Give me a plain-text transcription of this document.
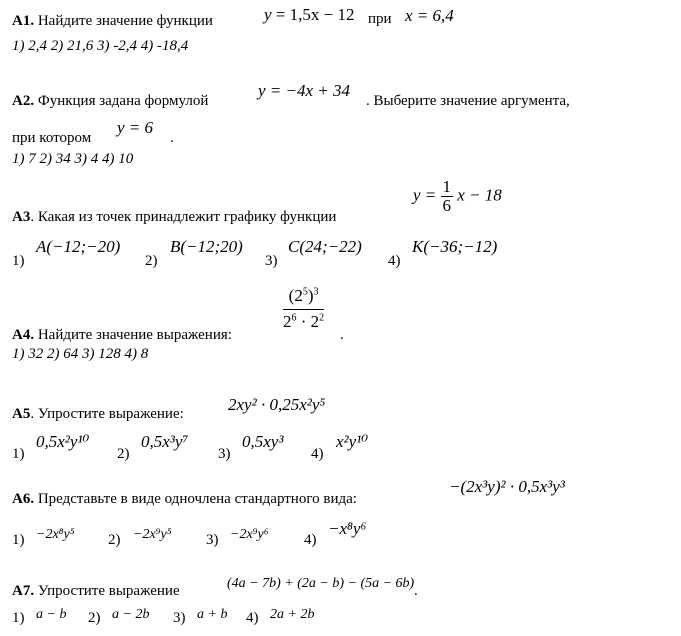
А1. Найдите значение функции	y = 1,5x − 12 при x = 6,4
1) 2,4 2) 21,6 3) -2,4 4) -18,4
А2. Функция задана формулой
y = −4x + 34
. Выберите значение аргумента,
при котором
y = 6
.
1) 7 2) 34 3) 4 4) 10
$y = \frac{1}{6}$ x − 18
А3. Какая из точек принадлежит графику функции
1)
A(−12;−20)
2)
B(−12;20)
3)
C(24;−22)
4)
K(−36;−12)
$\frac{(2^5)^3}{2^6 \cdot 2^2}$
.
А4. Найдите значение выражения:
1) 32 2) 64 3) 128 4) 8
А5. Упростите выражение:	2xy² · 0,25x²y⁵
1)
0,5x²y¹⁰
2)
0,5x³y⁷
3)
0,5xy³
4)
x²y¹⁰
−(2x³y)² · 0,5x³y³
А6. Представьте в виде одночлена стандартного вида:
1) −2x⁸y⁵ 2) −2x⁹y⁵ 3) −2x⁹y⁶ 4)
−x⁸y⁶
А7. Упростите выражение	(4a − 7b) + (2a − b) − (5a − 6b) .
1) a − b 2) a − 2b 3) a + b 4) 2a + 2b
